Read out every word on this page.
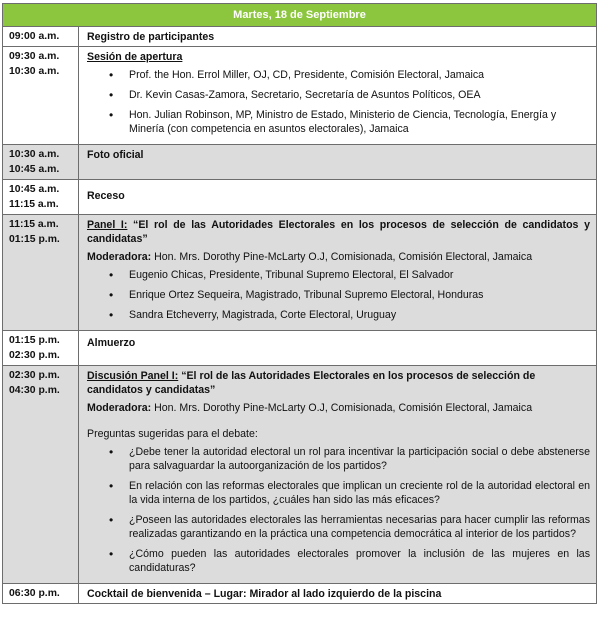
Martes, 18 de Septiembre
09:00 a.m.	Registro de participantes
09:30 a.m.
10:30 a.m.
Sesión de apertura
• Prof. the Hon. Errol Miller, OJ, CD, Presidente, Comisión Electoral, Jamaica
• Dr. Kevin Casas-Zamora, Secretario, Secretaría de Asuntos Políticos, OEA
• Hon. Julian Robinson, MP, Ministro de Estado, Ministerio de Ciencia, Tecnología, Energía y Minería (con competencia en asuntos electorales), Jamaica
10:30 a.m.
10:45 a.m.
Foto oficial
10:45 a.m.
11:15 a.m.
Receso
11:15 a.m.
01:15 p.m.
Panel I: “El rol de las Autoridades Electorales en los procesos de selección de candidatos y candidatas”
Moderadora: Hon. Mrs. Dorothy Pine-McLarty O.J, Comisionada, Comisión Electoral, Jamaica
• Eugenio Chicas, Presidente, Tribunal Supremo Electoral, El Salvador
• Enrique Ortez Sequeira, Magistrado, Tribunal Supremo Electoral, Honduras
• Sandra Etcheverry, Magistrada, Corte Electoral, Uruguay
01:15 p.m.
02:30 p.m.
Almuerzo
02:30 p.m.
04:30 p.m.
Discusión Panel I: “El rol de las Autoridades Electorales en los procesos de selección de candidatos y candidatas”
Moderadora: Hon. Mrs. Dorothy Pine-McLarty O.J, Comisionada, Comisión Electoral, Jamaica
Preguntas sugeridas para el debate:
• ¿Debe tener la autoridad electoral un rol para incentivar la participación social o debe abstenerse para salvaguardar la autoorganización de los partidos?
• En relación con las reformas electorales que implican un creciente rol de la autoridad electoral en la vida interna de los partidos, ¿cuáles han sido las más eficaces?
• ¿Poseen las autoridades electorales las herramientas necesarias para hacer cumplir las reformas realizadas garantizando en la práctica una competencia democrática al interior de los partidos?
• ¿Cómo pueden las autoridades electorales promover la inclusión de las mujeres en las candidaturas?
06:30 p.m.	Cocktail de bienvenida – Lugar: Mirador al lado izquierdo de la piscina
